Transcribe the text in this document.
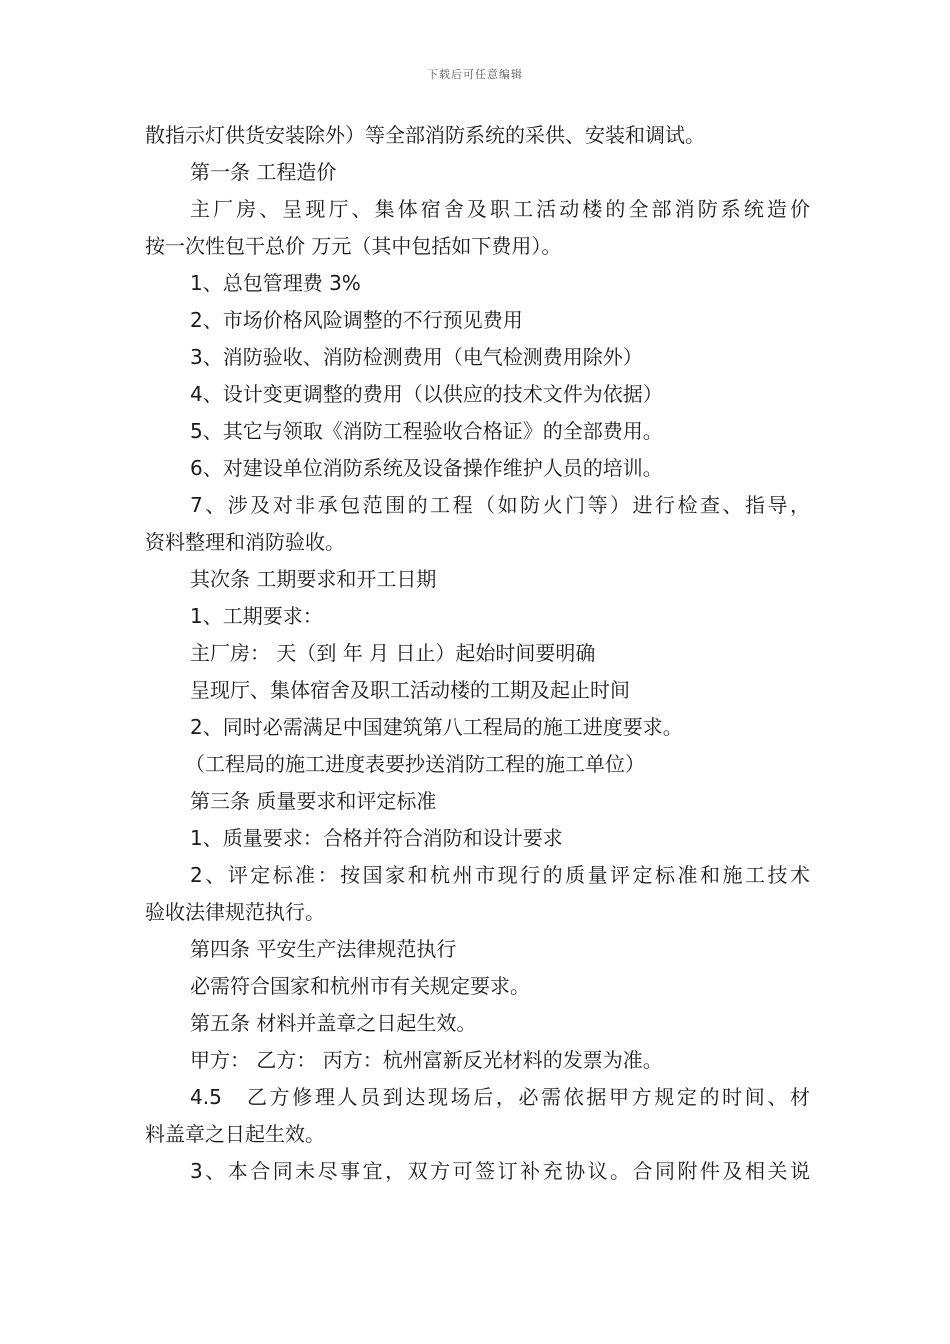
下载后可任意编辑
散指示灯供货安装除外）等全部消防系统的采供、安装和调试。
第一条 工程造价
主厂房、呈现厅、集体宿舍及职工活动楼的全部消防系统造价
按一次性包干总价 万元（其中包括如下费用）。
1、总包管理费 3%
2、市场价格风险调整的不行预见费用
3、消防验收、消防检测费用（电气检测费用除外）
4、设计变更调整的费用（以供应的技术文件为依据）
5、其它与领取《消防工程验收合格证》的全部费用。
6、对建设单位消防系统及设备操作维护人员的培训。
7、涉及对非承包范围的工程（如防火门等）进行检查、指导，
资料整理和消防验收。
其次条 工期要求和开工日期
1、工期要求：
主厂房： 天（到 年 月 日止）起始时间要明确
呈现厅、集体宿舍及职工活动楼的工期及起止时间
2、同时必需满足中国建筑第八工程局的施工进度要求。
（工程局的施工进度表要抄送消防工程的施工单位）
第三条 质量要求和评定标准
1、质量要求：合格并符合消防和设计要求
2、评定标准：按国家和杭州市现行的质量评定标准和施工技术
验收法律规范执行。
第四条 平安生产法律规范执行
必需符合国家和杭州市有关规定要求。
第五条 材料并盖章之日起生效。
甲方： 乙方： 丙方：杭州富新反光材料的发票为准。
4.5　乙方修理人员到达现场后，必需依据甲方规定的时间、材
料盖章之日起生效。
3、本合同未尽事宜，双方可签订补充协议。合同附件及相关说
